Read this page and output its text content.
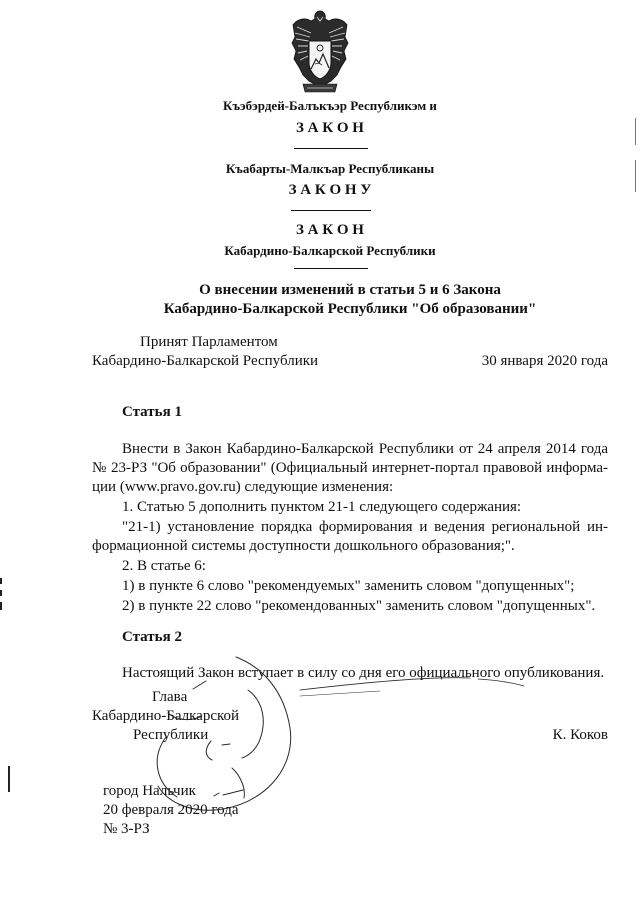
Къэбэрдей-Балъкъэр Республикэм и
З А К О Н
Къабарты-Малкъар Республиканы
З А К О Н У
З А К О Н
Кабардино-Балкарской Республики
О внесении изменений в статьи 5 и 6 Закона
Кабардино-Балкарской Республики "Об образовании"
Принят Парламентом
Кабардино-Балкарской Республики	30 января 2020 года
Статья 1
Внести в Закон Кабардино-Балкарской Республики от 24 апреля 2014 года
№ 23-РЗ "Об образовании" (Официальный интернет-портал правовой информа-
ции (www.pravo.gov.ru) следующие изменения:
1. Статью 5 дополнить пунктом 21-1 следующего содержания:
"21-1) установление порядка формирования и ведения региональной ин-
формационной системы доступности дошкольного образования;".
2. В статье 6:
1) в пункте 6 слово "рекомендуемых" заменить словом "допущенных";
2) в пункте 22 слово "рекомендованных" заменить словом "допущенных".
Статья 2
Настоящий Закон вступает в силу со дня его официального опубликования.
Глава
Кабардино-Балкарской
Республики	К. Коков
город Нальчик
20 февраля 2020 года
№ 3-РЗ
